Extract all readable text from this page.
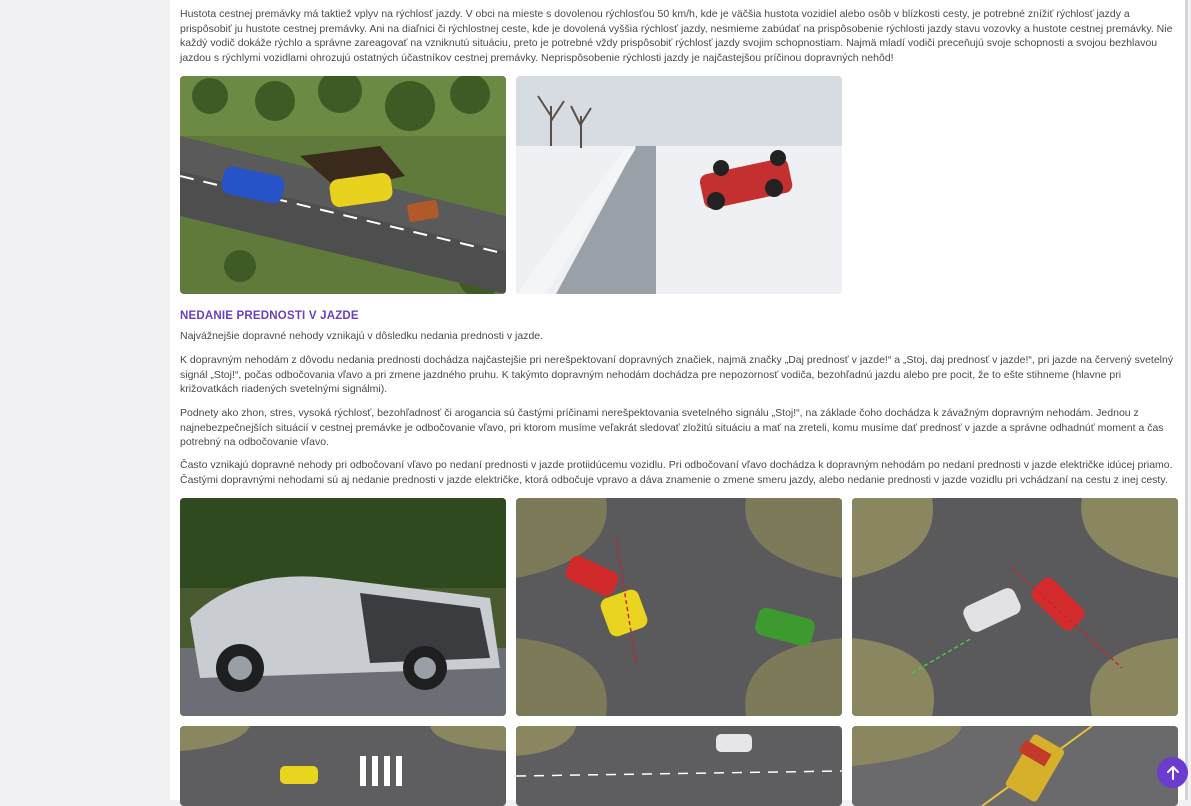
Hustota cestnej premávky má taktiež vplyv na rýchlosť jazdy. V obci na mieste s dovolenou rýchlosťou 50 km/h, kde je väčšia hustota vozidiel alebo osôb v blízkosti cesty, je potrebné znížiť rýchlosť jazdy a prispôsobiť ju hustote cestnej premávky. Ani na diaľnici či rýchlostnej ceste, kde je dovolená vyššia rýchlosť jazdy, nesmieme zabúdať na prispôsobenie rýchlosti jazdy stavu vozovky a hustote cestnej premávky. Nie každý vodič dokáže rýchlo a správne zareagovať na vzniknutú situáciu, preto je potrebné vždy prispôsobiť rýchlosť jazdy svojim schopnostiam. Najmä mladí vodiči preceňujú svoje schopnosti a svojou bezhlavou jazdou s rýchlymi vozidlami ohrozujú ostatných účastníkov cestnej premávky. Neprispôsobenie rýchlosti jazdy je najčastejšou príčinou dopravných nehôd!

NEDANIE PREDNOSTI V JAZDE

Najvážnejšie dopravné nehody vznikajú v dôsledku nedania prednosti v jazde.

K dopravným nehodám z dôvodu nedania prednosti dochádza najčastejšie pri nerešpektovaní dopravných značiek, najmä značky „Daj prednosť v jazde!“ a „Stoj, daj prednosť v jazde!“, pri jazde na červený svetelný signál „Stoj!“, počas odbočovania vľavo a pri zmene jazdného pruhu. K takýmto dopravným nehodám dochádza pre nepozornosť vodiča, bezohľadnú jazdu alebo pre pocit, že to ešte stihneme (hlavne pri križovatkách riadených svetelnými signálmi).

Podnety ako zhon, stres, vysoká rýchlosť, bezohľadnosť či arogancia sú častými príčinami nerešpektovania svetelného signálu „Stoj!“, na základe čoho dochádza k závažným dopravným nehodám. Jednou z najnebezpečnejších situácií v cestnej premávke je odbočovanie vľavo, pri ktorom musíme veľakrát sledovať zložitú situáciu a mať na zreteli, komu musíme dať prednosť v jazde a správne odhadnúť moment a čas potrebný na odbočovanie vľavo.

Často vznikajú dopravné nehody pri odbočovaní vľavo po nedaní prednosti v jazde protiidúcemu vozidlu. Pri odbočovaní vľavo dochádza k dopravným nehodám po nedaní prednosti v jazde električke idúcej priamo. Častými dopravnými nehodami sú aj nedanie prednosti v jazde električke, ktorá odbočuje vpravo a dáva znamenie o zmene smeru jazdy, alebo nedanie prednosti v jazde vozidlu pri vchádzaní na cestu z inej cesty.
